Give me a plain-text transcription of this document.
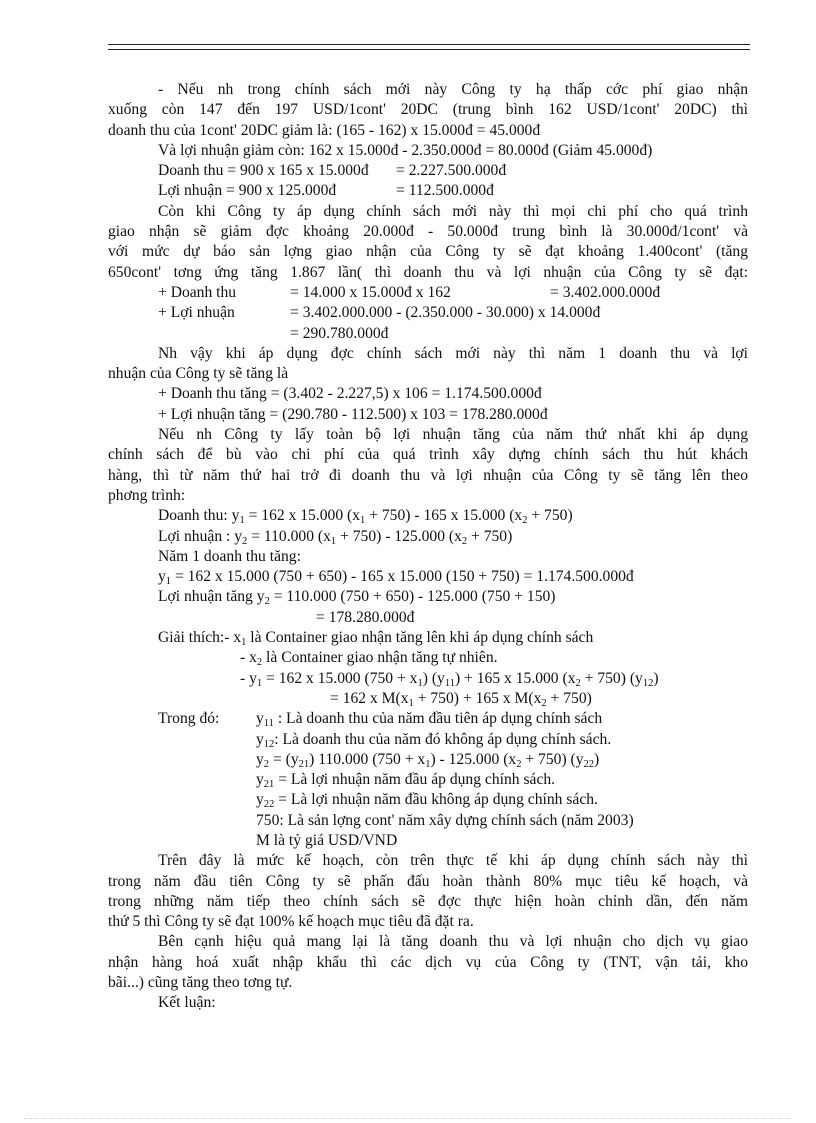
- Nếu nh trong chính sách mới này Công ty hạ thấp cớc phí giao nhận
xuống còn 147 đến 197 USD/1cont' 20DC (trung bình 162 USD/1cont' 20DC) thì
doanh thu của 1cont' 20DC giảm là: (165 - 162) x 15.000đ = 45.000đ
Và lợi nhuận giảm còn: 162 x 15.000đ - 2.350.000đ = 80.000đ (Giảm 45.000đ)
Doanh thu = 900 x 165 x 15.000đ = 2.227.500.000đ
Lợi nhuận = 900 x 125.000đ	= 112.500.000đ
Còn khi Công ty áp dụng chính sách mới này thì mọi chi phí cho quá trình
giao nhận sẽ giảm đợc khoảng 20.000đ - 50.000đ trung bình là 30.000đ/1cont' và
với mức dự báo sản lợng giao nhận của Công ty sẽ đạt khoảng 1.400cont' (tăng
650cont' tơng ứng tăng 1.867 lần( thì doanh thu và lợi nhuận của Công ty sẽ đạt:
+ Doanh thu	= 14.000 x 15.000đ x 162	= 3.402.000.000đ
+ Lợi nhuận	= 3.402.000.000 - (2.350.000 - 30.000) x 14.000đ
= 290.780.000đ
Nh vậy khi áp dụng đợc chính sách mới này thì năm 1 doanh thu và lợi
nhuận của Công ty sẽ tăng là
+ Doanh thu tăng = (3.402 - 2.227,5) x 106 = 1.174.500.000đ
+ Lợi nhuận tăng = (290.780 - 112.500) x 103 = 178.280.000đ
Nếu nh Công ty lấy toàn bộ lợi nhuận tăng của năm thứ nhất khi áp dụng
chính sách để bù vào chi phí của quá trình xây dựng chính sách thu hút khách
hàng, thì từ năm thứ hai trở đi doanh thu và lợi nhuận của Công ty sẽ tăng lên theo
phơng trình:
Doanh thu: $y_1 = 162$ x 15.000 $(x_1 + 750) - 165$ x 15.000 $(x_2 + 750)$
Lợi nhuận : $y_2 = 110.000$ $(x_1 + 750) - 125.000$ $(x_2 + 750)$
Năm 1 doanh thu tăng:
$y_1 = 162$ x 15.000 (750 + 650) - 165 x 15.000 (150 + 750) = 1.174.500.000đ
Lợi nhuận tăng $y_2 = 110.000$ (750 + 650) - 125.000 (750 + 150)
= 178.280.000đ
Giải thích:- $x_1$ là Container giao nhận tăng lên khi áp dụng chính sách
- $x_2$ là Container giao nhận tăng tự nhiên.
- $y_1 = 162$ x 15.000 $(750 + x_1)$ $(y_{11}) + 165$ x 15.000 $(x_2 + 750)$ $(y_{12})$
= 162 x $M(x_1 + 750) + 165$ x $M(x_2 + 750)$
Trong đó: $y_{11}$ : Là doanh thu của năm đầu tiên áp dụng chính sách
$y_{12}$: Là doanh thu của năm đó không áp dụng chính sách.
$y_2 = (y_{21})$ 110.000 $(750 + x_1) - 125.000$ $(x_2 + 750)$ $(y_{22})$
$y_{21}$ = Là lợi nhuận năm đầu áp dụng chính sách.
$y_{22}$ = Là lợi nhuận năm đầu không áp dụng chính sách.
750: Là sản lợng cont' năm xây dựng chính sách (năm 2003)
M là tỷ giá USD/VND
Trên đây là mức kế hoạch, còn trên thực tế khi áp dụng chính sách này thì
trong năm đầu tiên Công ty sẽ phấn đấu hoàn thành 80% mục tiêu kế hoạch, và
trong những năm tiếp theo chính sách sẽ đợc thực hiện hoàn chỉnh dần, đến năm
thứ 5 thì Công ty sẽ đạt 100% kế hoạch mục tiêu đã đặt ra.
Bên cạnh hiệu quả mang lại là tăng doanh thu và lợi nhuận cho dịch vụ giao
nhận hàng hoá xuất nhập khẩu thì các dịch vụ của Công ty (TNT, vận tải, kho
bãi...) cũng tăng theo tơng tự.
Kết luận:
